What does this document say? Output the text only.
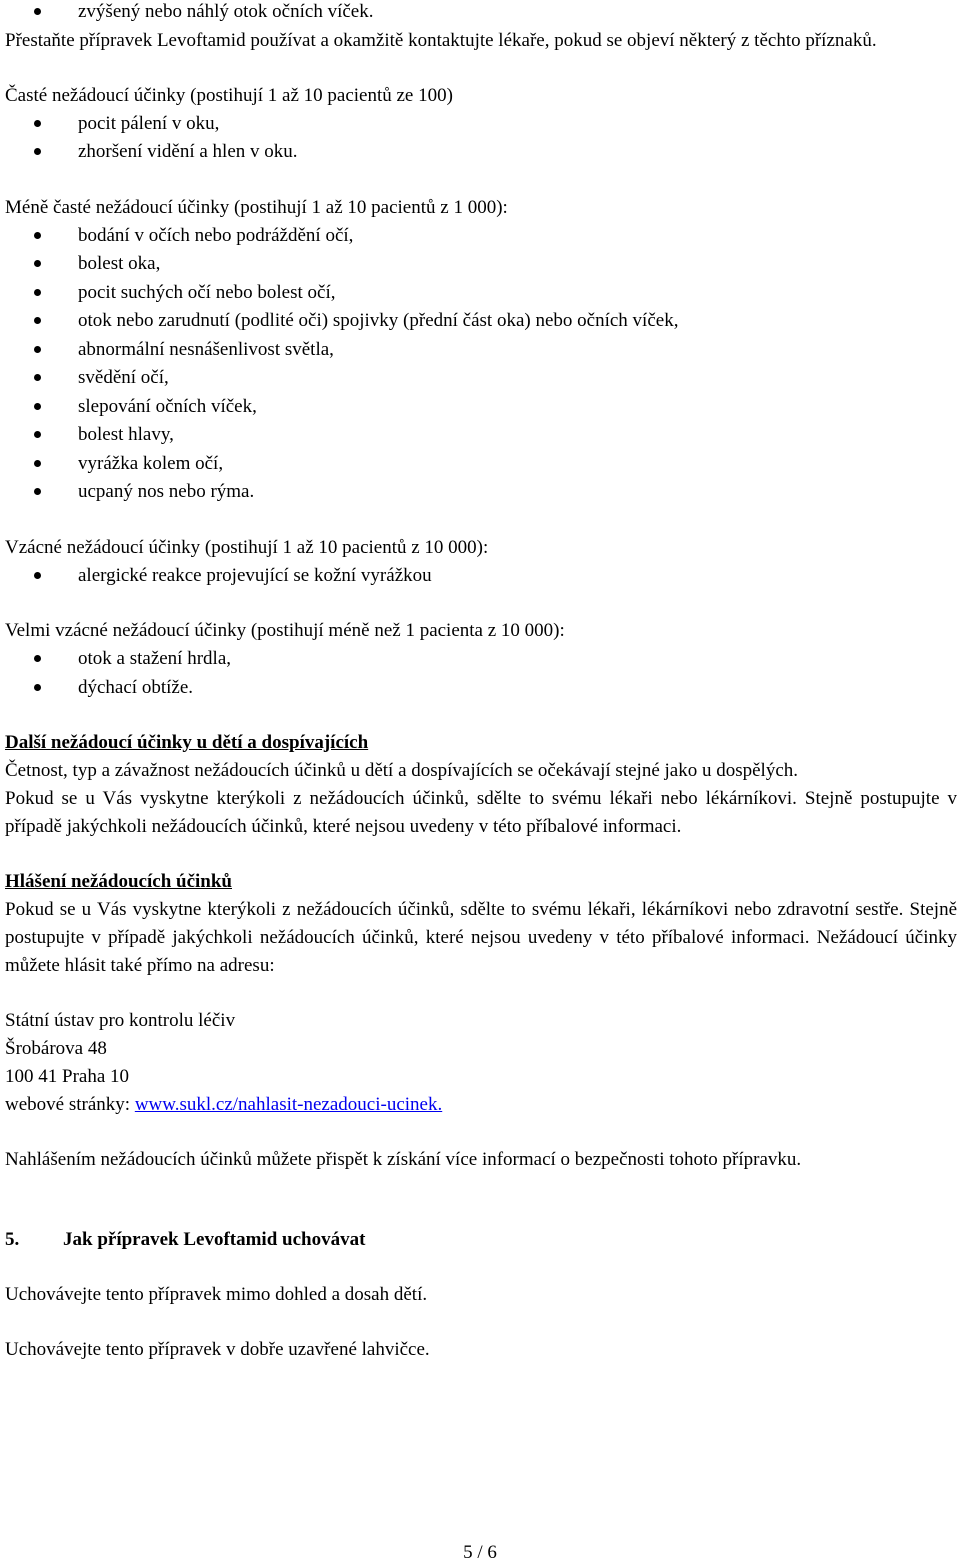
zvýšený nebo náhlý otok očních víček.

Přestaňte přípravek Levoftamid používat a okamžitě kontaktujte lékaře, pokud se objeví některý z těchto příznaků.

Časté nežádoucí účinky (postihují 1 až 10 pacientů ze 100)

pocit pálení v oku,
zhoršení vidění a hlen v oku.

Méně časté nežádoucí účinky (postihují 1 až 10 pacientů z 1 000):

bodání v očích nebo podráždění očí,
bolest oka,
pocit suchých očí nebo bolest očí,
otok nebo zarudnutí (podlité oči) spojivky (přední část oka) nebo očních víček,
abnormální nesnášenlivost světla,
svědění očí,
slepování očních víček,
bolest hlavy,
vyrážka kolem očí,
ucpaný nos nebo rýma.

Vzácné nežádoucí účinky (postihují 1 až 10 pacientů z 10 000):

alergické reakce projevující se kožní vyrážkou

Velmi vzácné nežádoucí účinky (postihují méně než 1 pacienta z 10 000):

otok a stažení hrdla,
dýchací obtíže.

Další nežádoucí účinky u dětí a dospívajících

Četnost, typ a závažnost nežádoucích účinků u dětí a dospívajících se očekávají stejné jako u dospělých.

Pokud se u Vás vyskytne kterýkoli z nežádoucích účinků, sdělte to svému lékaři nebo lékárníkovi. Stejně postupujte v případě jakýchkoli nežádoucích účinků, které nejsou uvedeny v této příbalové informaci.

Hlášení nežádoucích účinků

Pokud se u Vás vyskytne kterýkoli z nežádoucích účinků, sdělte to svému lékaři, lékárníkovi nebo zdravotní sestře. Stejně postupujte v případě jakýchkoli nežádoucích účinků, které nejsou uvedeny v této příbalové informaci. Nežádoucí účinky můžete hlásit také přímo na adresu:

Státní ústav pro kontrolu léčiv

Šrobárova 48

100 41 Praha 10

webové stránky: www.sukl.cz/nahlasit-nezadouci-ucinek.

Nahlášením nežádoucích účinků můžete přispět k získání více informací o bezpečnosti tohoto přípravku.

5.	Jak přípravek Levoftamid uchovávat

Uchovávejte tento přípravek mimo dohled a dosah dětí.

Uchovávejte tento přípravek v dobře uzavřené lahvičce.

5 / 6
